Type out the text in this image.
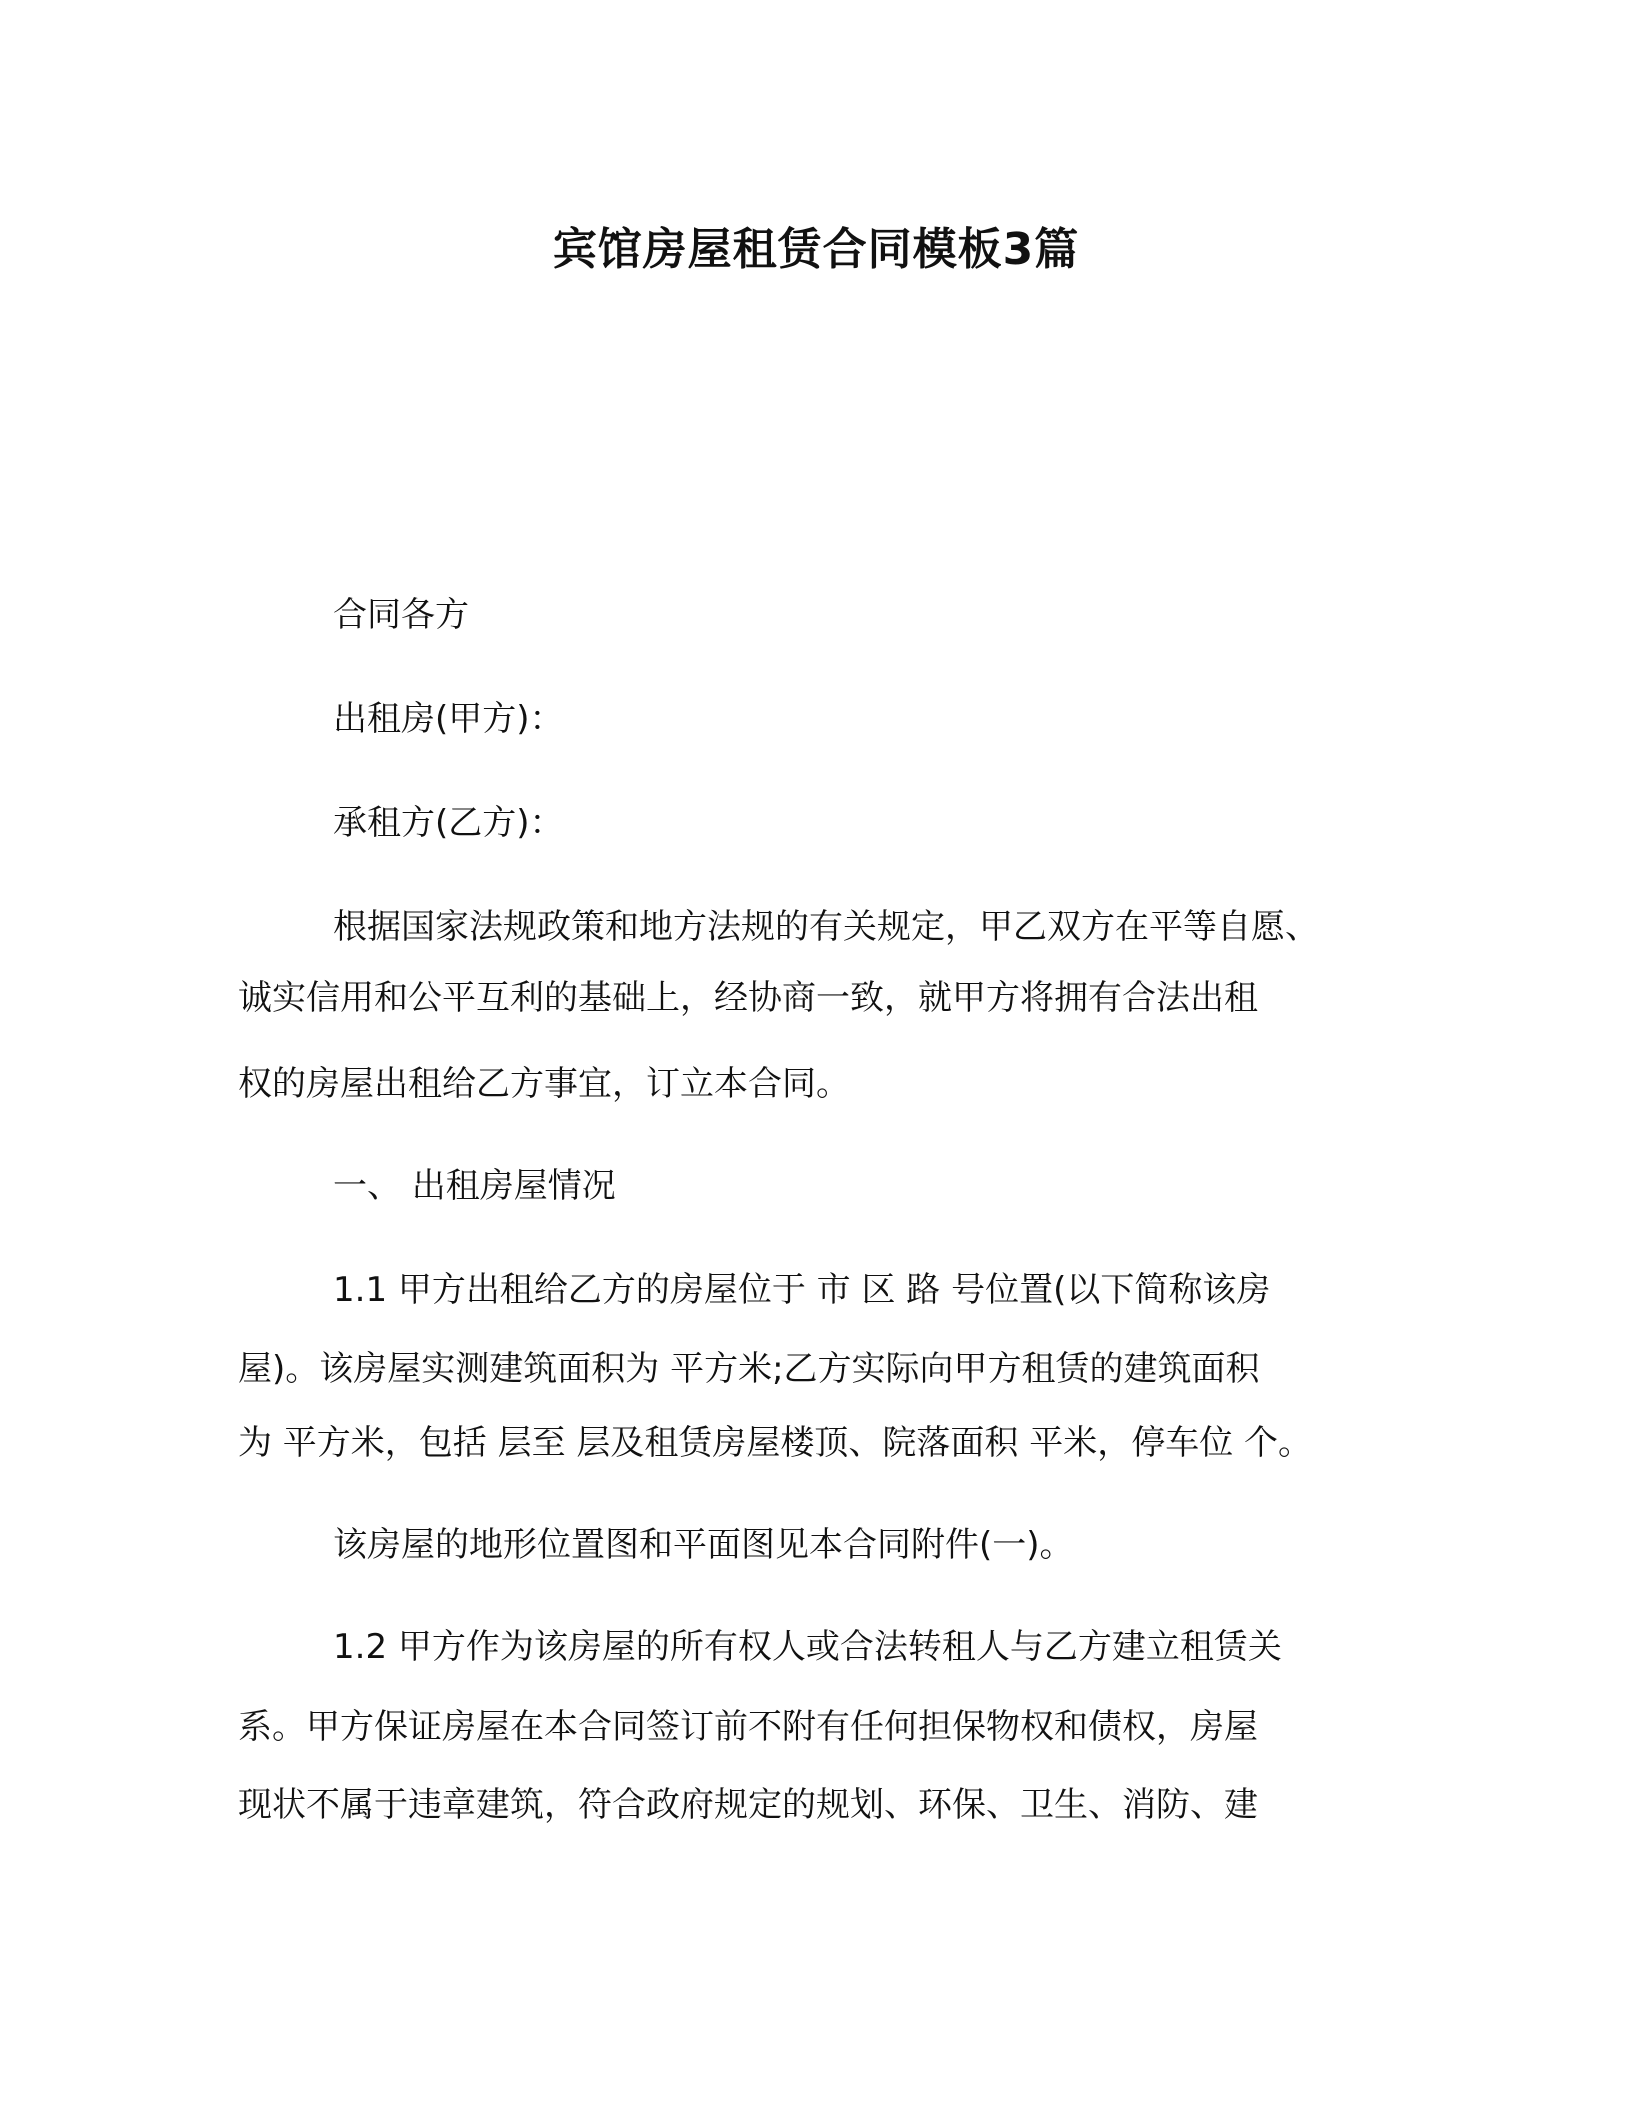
宾馆房屋租赁合同模板3篇
合同各方
出租房(甲方)：
承租方(乙方)：
根据国家法规政策和地方法规的有关规定，甲乙双方在平等自愿、
诚实信用和公平互利的基础上，经协商一致，就甲方将拥有合法出租
权的房屋出租给乙方事宜，订立本合同。
一、 出租房屋情况
1.1 甲方出租给乙方的房屋位于 市 区 路 号位置(以下简称该房
屋)。该房屋实测建筑面积为 平方米;乙方实际向甲方租赁的建筑面积
为 平方米，包括 层至 层及租赁房屋楼顶、院落面积 平米，停车位 个。
该房屋的地形位置图和平面图见本合同附件(一)。
1.2 甲方作为该房屋的所有权人或合法转租人与乙方建立租赁关
系。甲方保证房屋在本合同签订前不附有任何担保物权和债权，房屋
现状不属于违章建筑，符合政府规定的规划、环保、卫生、消防、建
